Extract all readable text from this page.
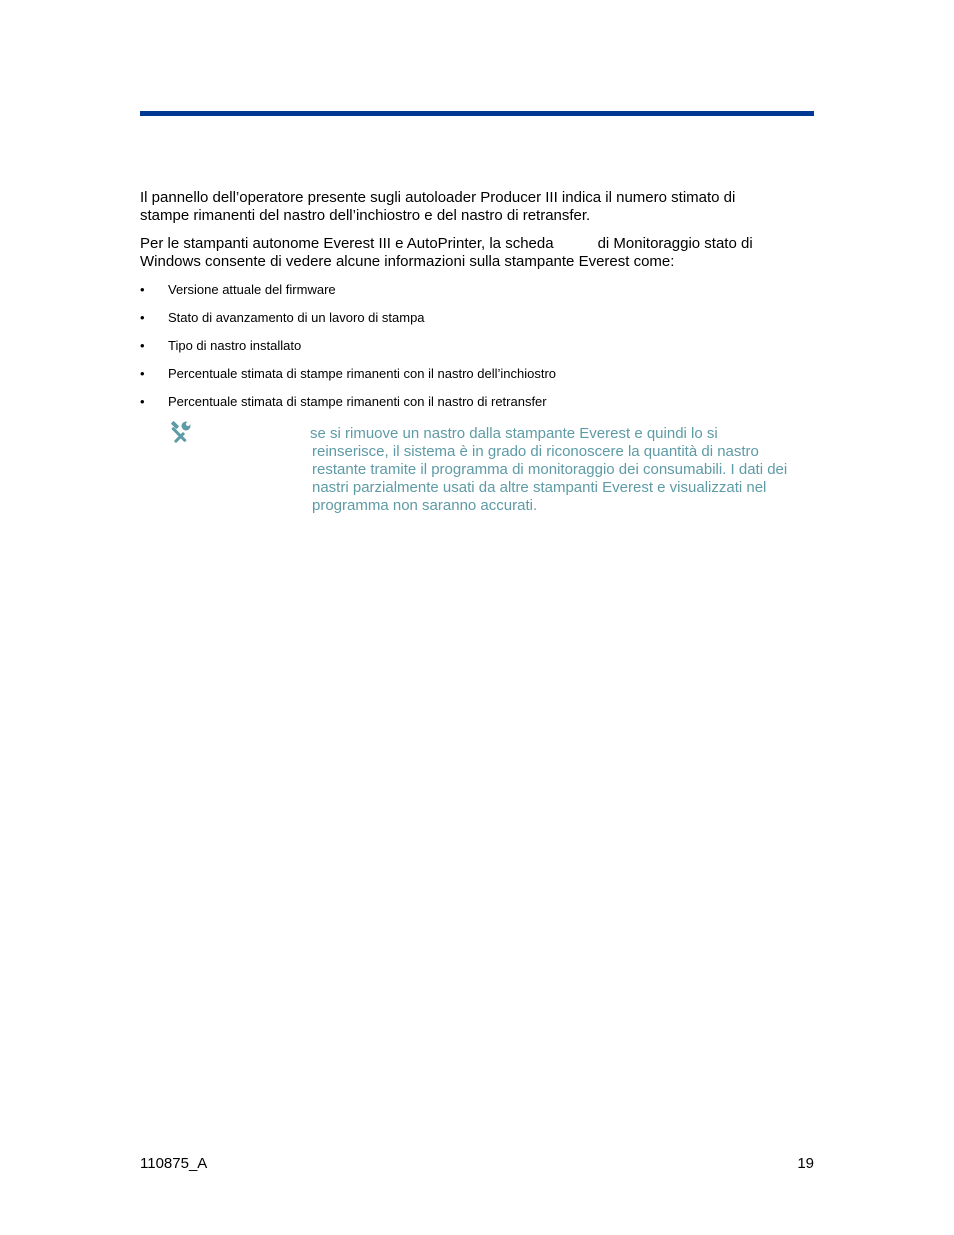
Il pannello dell’operatore presente sugli autoloader Producer III indica il numero stimato di
stampe rimanenti del nastro dell’inchiostro e del nastro di retransfer.

Per le stampanti autonome Everest III e AutoPrinter, la scheda	di Monitoraggio stato di
Windows consente di vedere alcune informazioni sulla stampante Everest come:

• Versione attuale del firmware
• Stato di avanzamento di un lavoro di stampa
• Tipo di nastro installato
• Percentuale stimata di stampe rimanenti con il nastro dell’inchiostro
• Percentuale stimata di stampe rimanenti con il nastro di retransfer

se si rimuove un nastro dalla stampante Everest e quindi lo si
reinserisce, il sistema è in grado di riconoscere la quantità di nastro
restante tramite il programma di monitoraggio dei consumabili. I dati dei
nastri parzialmente usati da altre stampanti Everest e visualizzati nel
programma non saranno accurati.

110875_A	19
